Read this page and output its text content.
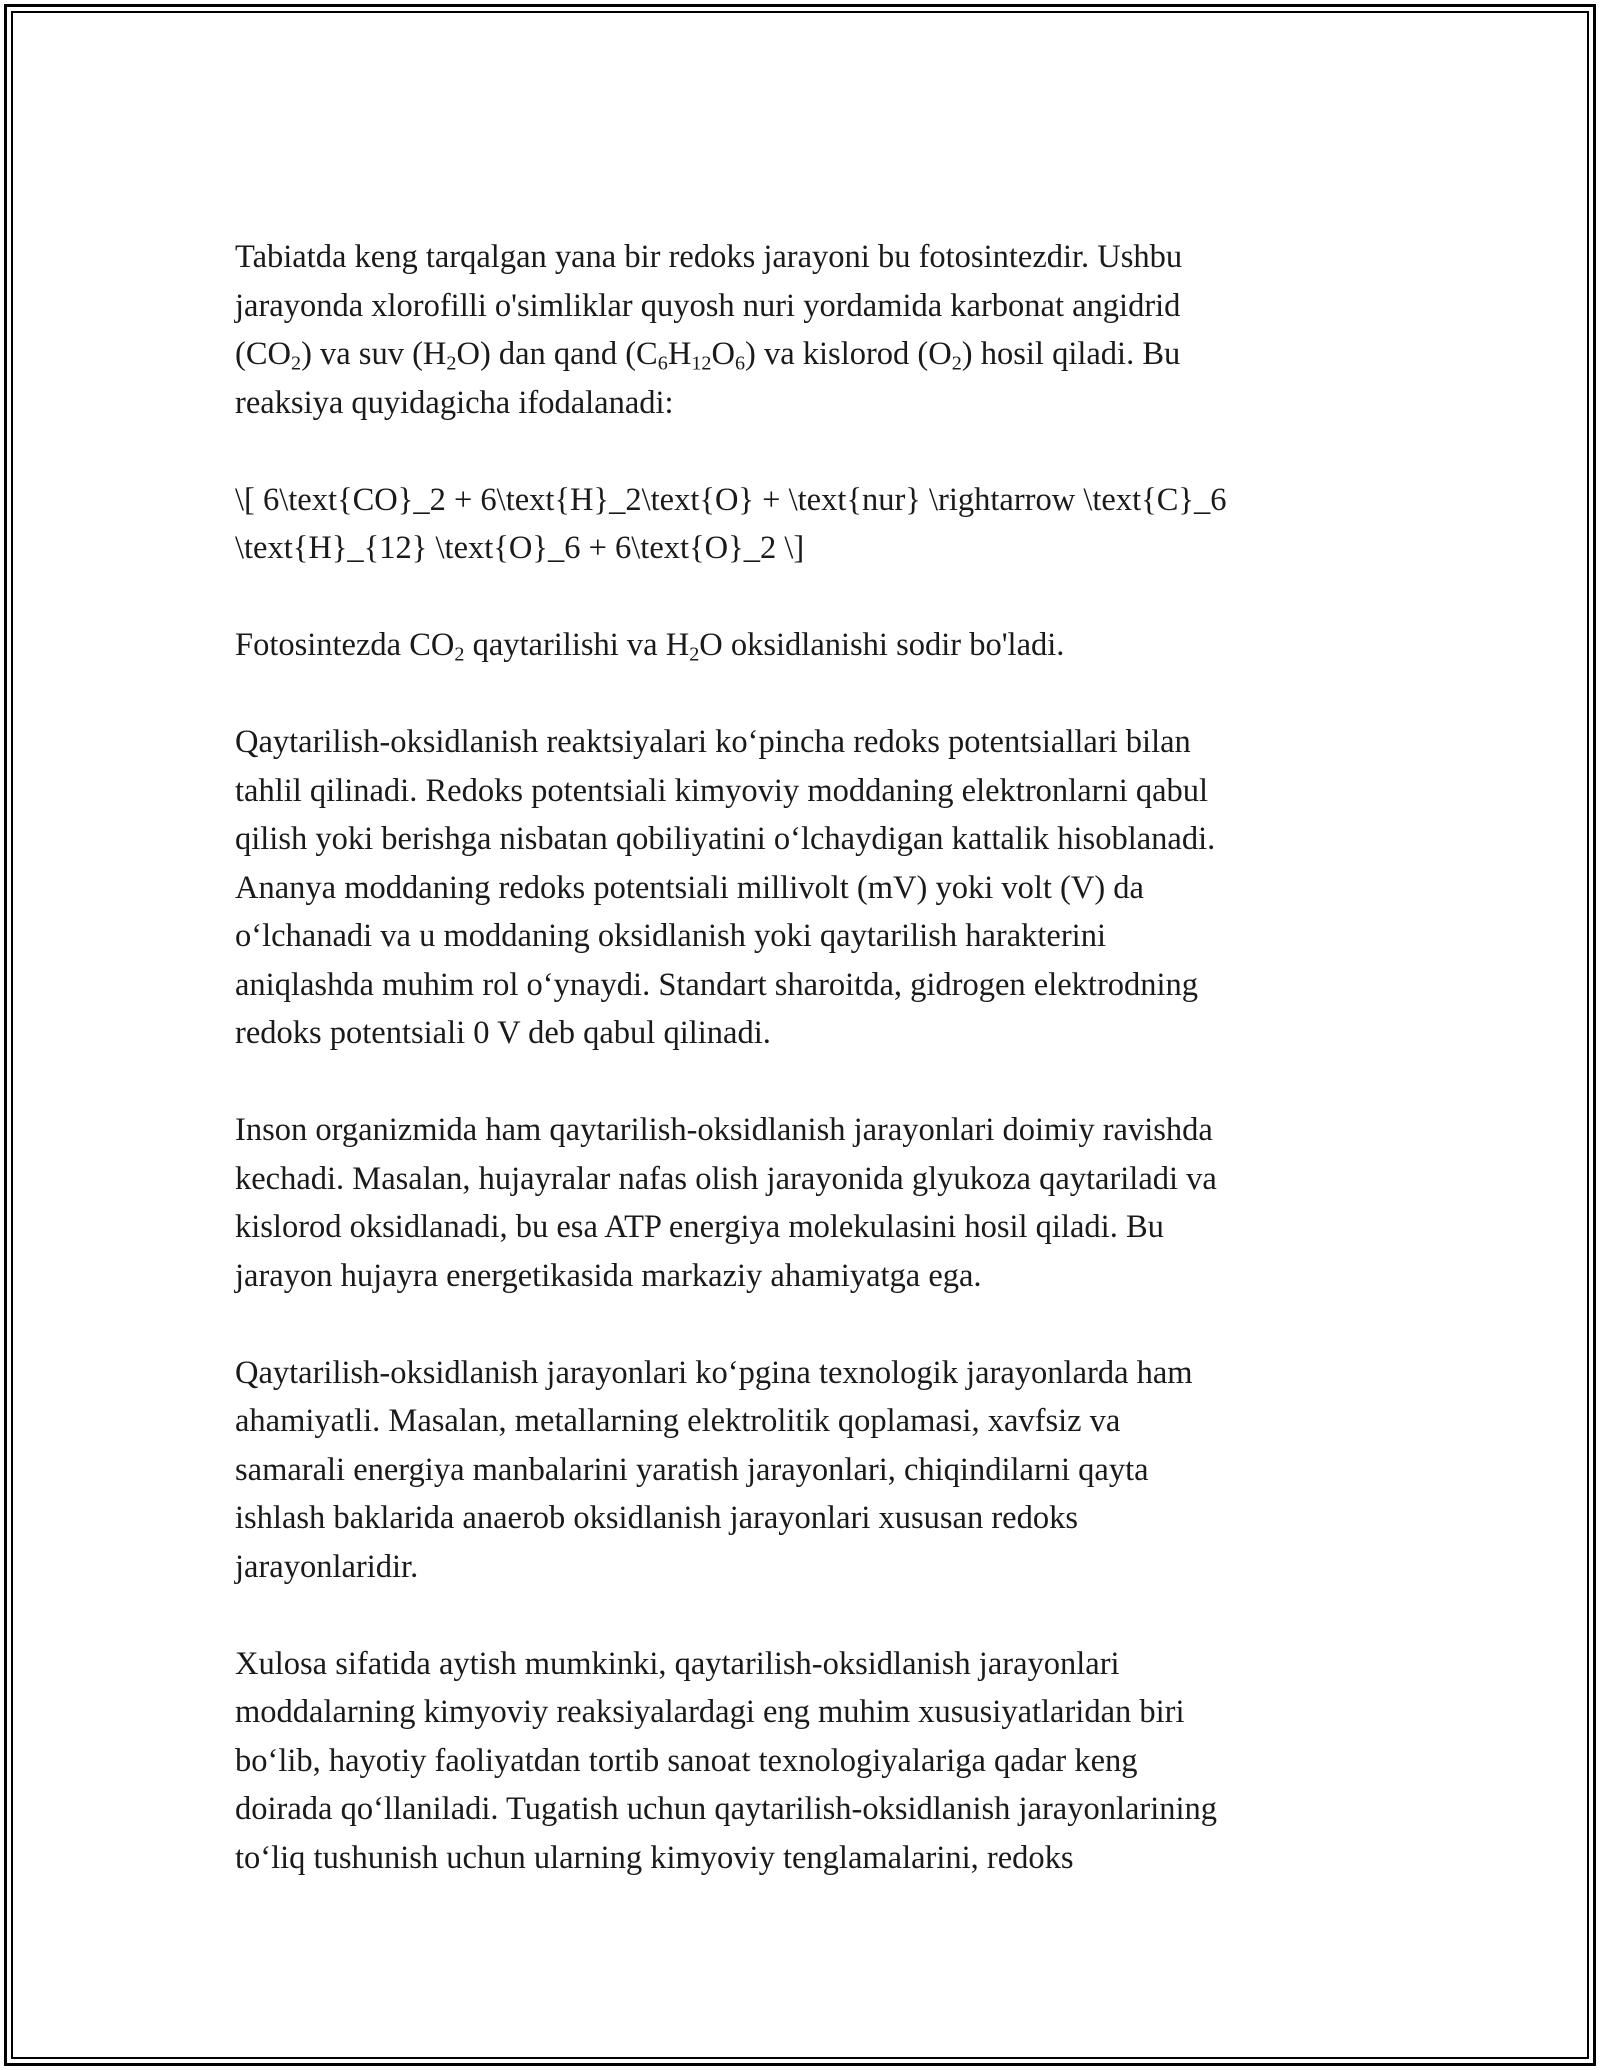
Tabiatda keng tarqalgan yana bir redoks jarayoni bu fotosintezdir. Ushbu
jarayonda xlorofilli o'simliklar quyosh nuri yordamida karbonat angidrid
$(CO_2)$ va suv $(H_2O)$ dan qand $(C_6H_{12}O_6)$ va kislorod $(O_2)$ hosil qiladi. Bu
reaksiya quyidagicha ifodalanadi:

\[ 6\text{CO}_2 + 6\text{H}_2\text{O} + \text{nur} \rightarrow \text{C}_6
\text{H}_{12} \text{O}_6 + 6\text{O}_2 \]

Fotosintezda $CO_2$ qaytarilishi va $H_2O$ oksidlanishi sodir bo'ladi.

Qaytarilish-oksidlanish reaktsiyalari ko‘pincha redoks potentsiallari bilan
tahlil qilinadi. Redoks potentsiali kimyoviy moddaning elektronlarni qabul
qilish yoki berishga nisbatan qobiliyatini o‘lchaydigan kattalik hisoblanadi.
Ananya moddaning redoks potentsiali millivolt (mV) yoki volt (V) da
o‘lchanadi va u moddaning oksidlanish yoki qaytarilish harakterini
aniqlashda muhim rol o‘ynaydi. Standart sharoitda, gidrogen elektrodning
redoks potentsiali 0 V deb qabul qilinadi.

Inson organizmida ham qaytarilish-oksidlanish jarayonlari doimiy ravishda
kechadi. Masalan, hujayralar nafas olish jarayonida glyukoza qaytariladi va
kislorod oksidlanadi, bu esa ATP energiya molekulasini hosil qiladi. Bu
jarayon hujayra energetikasida markaziy ahamiyatga ega.

Qaytarilish-oksidlanish jarayonlari ko‘pgina texnologik jarayonlarda ham
ahamiyatli. Masalan, metallarning elektrolitik qoplamasi, xavfsiz va
samarali energiya manbalarini yaratish jarayonlari, chiqindilarni qayta
ishlash baklarida anaerob oksidlanish jarayonlari xususan redoks
jarayonlaridir.

Xulosa sifatida aytish mumkinki, qaytarilish-oksidlanish jarayonlari
moddalarning kimyoviy reaksiyalardagi eng muhim xususiyatlaridan biri
bo‘lib, hayotiy faoliyatdan tortib sanoat texnologiyalariga qadar keng
doirada qo‘llaniladi. Tugatish uchun qaytarilish-oksidlanish jarayonlarining
to‘liq tushunish uchun ularning kimyoviy tenglamalarini, redoks
